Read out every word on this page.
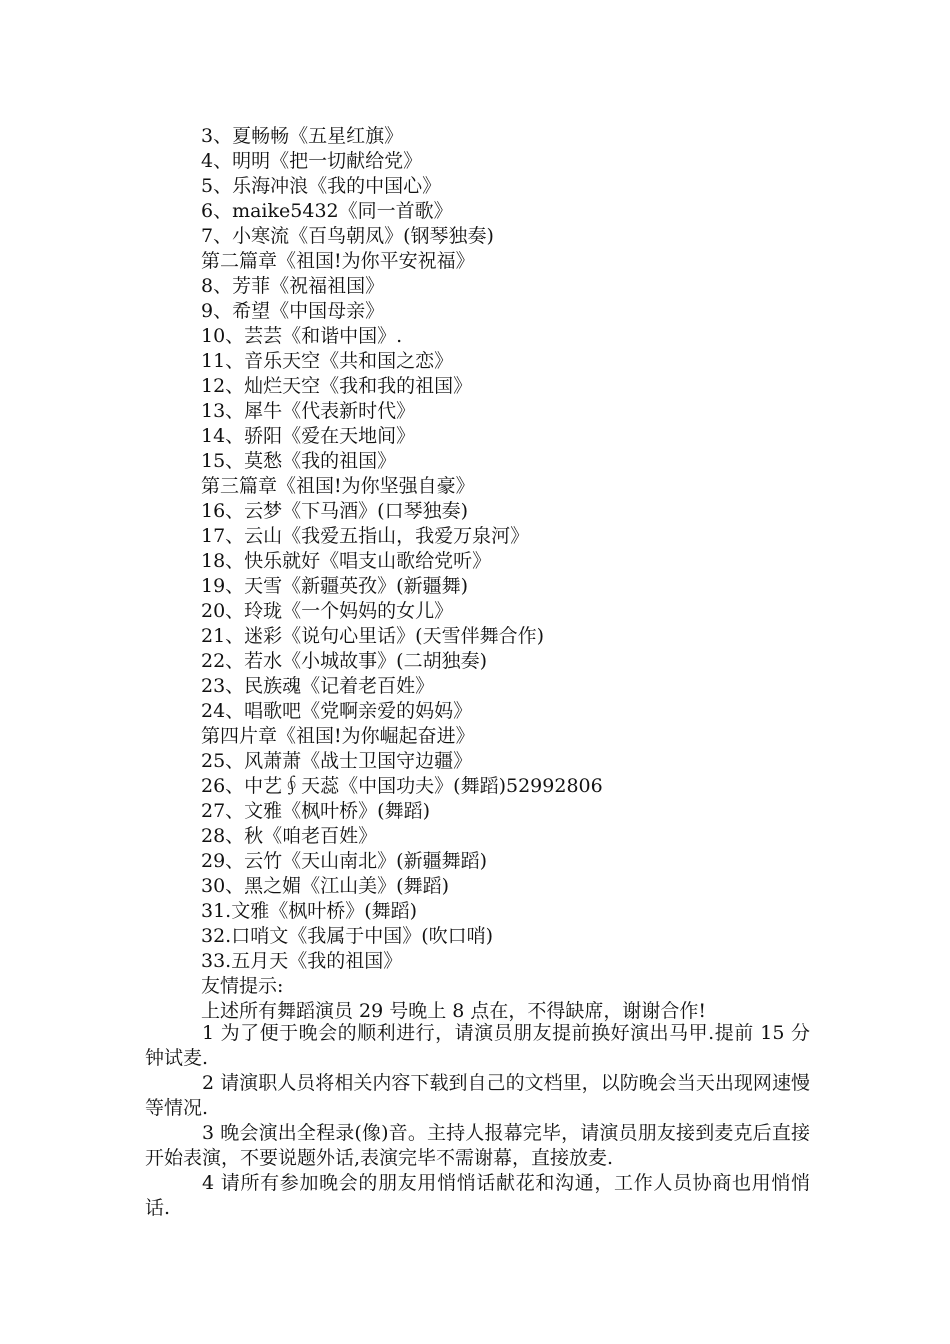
3、夏畅畅《五星红旗》
4、明明《把一切献给党》
5、乐海冲浪《我的中国心》
6、maike5432《同一首歌》
7、小寒流《百鸟朝凤》(钢琴独奏)
第二篇章《祖国!为你平安祝福》
8、芳菲《祝福祖国》
9、希望《中国母亲》
10、芸芸《和谐中国》.
11、音乐天空《共和国之恋》
12、灿烂天空《我和我的祖国》
13、犀牛《代表新时代》
14、骄阳《爱在天地间》
15、莫愁《我的祖国》
第三篇章《祖国!为你坚强自豪》
16、云梦《下马酒》(口琴独奏)
17、云山《我爱五指山，我爱万泉河》
18、快乐就好《唱支山歌给党听》
19、天雪《新疆英孜》(新疆舞)
20、玲珑《一个妈妈的女儿》
21、迷彩《说句心里话》(天雪伴舞合作)
22、若水《小城故事》(二胡独奏)
23、民族魂《记着老百姓》
24、唱歌吧《党啊亲爱的妈妈》
第四片章《祖国!为你崛起奋进》
25、风萧萧《战士卫国守边疆》
26、中艺∮天蕊《中国功夫》(舞蹈)52992806
27、文雅《枫叶桥》(舞蹈)
28、秋《咱老百姓》
29、云竹《天山南北》(新疆舞蹈)
30、黑之媚《江山美》(舞蹈)
31.文雅《枫叶桥》(舞蹈)
32.口哨文《我属于中国》(吹口哨)
33.五月天《我的祖国》
友情提示:
上述所有舞蹈演员 29 号晚上 8 点在，不得缺席，谢谢合作!

1 为了便于晚会的顺利进行，请演员朋友提前换好演出马甲.提前 15 分钟试麦.

2 请演职人员将相关内容下载到自己的文档里，以防晚会当天出现网速慢等情况.

3 晚会演出全程录(像)音。主持人报幕完毕，请演员朋友接到麦克后直接开始表演，不要说题外话,表演完毕不需谢幕，直接放麦.

4 请所有参加晚会的朋友用悄悄话献花和沟通，工作人员协商也用悄悄话.
